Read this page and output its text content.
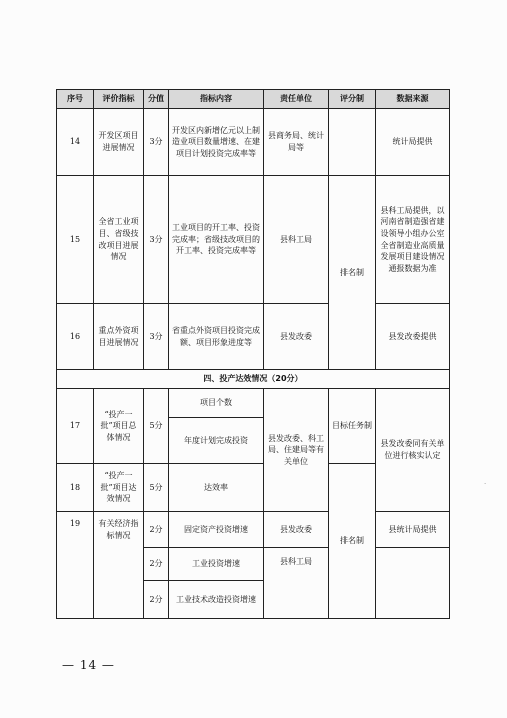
序号	评价指标	分值	指标内容	责任单位	评分制	数据来源
14	开发区项目进展情况	3分	开发区内新增亿元以上制造业项目数量增速、在建项目计划投资完成率等	县商务局、统计局等		统计局提供
15	全省工业项目、省级技改项目进展情况	3分	工业项目的开工率、投资完成率；省级技改项目的开工率、投资完成率等	县科工局	排名制	县科工局提供，以河南省制造强省建设领导小组办公室全省制造业高质量发展项目建设情况通报数据为准
16	重点外资项目进展情况	3分	省重点外资项目投资完成额、项目形象进度等	县发改委		县发改委提供
四、投产达效情况（20分）						
17	“投产一批”项目总体情况	5分	项目个数	县发改委、科工局、住建局等有关单位	目标任务制	县发改委同有关单位进行核实认定
			年度计划完成投资			
18	“投产一批”项目达效情况	5分	达效率		排名制	
19	有关经济指标情况	2分	固定资产投资增速	县发改委		县统计局提供
		2分	工业投资增速	县科工局		
		2分	工业技术改造投资增速			
— 14 —
·
